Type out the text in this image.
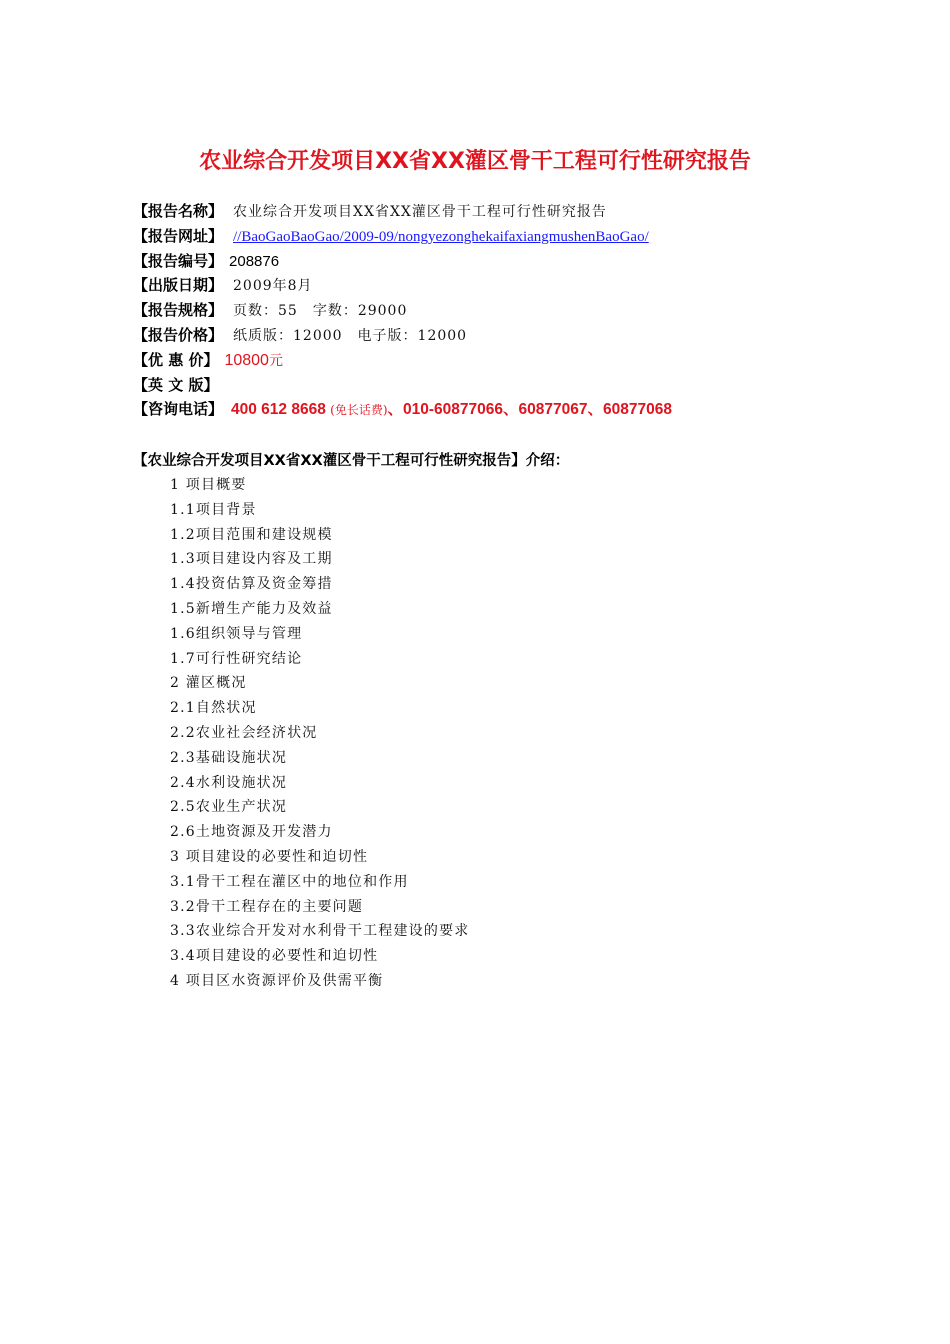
农业综合开发项目XX省XX灌区骨干工程可行性研究报告
【报告名称】 农业综合开发项目XX省XX灌区骨干工程可行性研究报告
【报告网址】 //BaoGaoBaoGao/2009-09/nongyezonghekaifaxiangmushenBaoGao/
【报告编号】 208876
【出版日期】 2009年8月
【报告规格】 页数：55　字数：29000
【报告价格】 纸质版：12000　电子版：12000
【优 惠 价】 10800元
【英 文 版】
【咨询电话】 400 612 8668 (免长话费)、010-60877066、60877067、60877068
【农业综合开发项目XX省XX灌区骨干工程可行性研究报告】介绍：
1 项目概要
1.1项目背景
1.2项目范围和建设规模
1.3项目建设内容及工期
1.4投资估算及资金筹措
1.5新增生产能力及效益
1.6组织领导与管理
1.7可行性研究结论
2 灌区概况
2.1自然状况
2.2农业社会经济状况
2.3基础设施状况
2.4水利设施状况
2.5农业生产状况
2.6土地资源及开发潜力
3 项目建设的必要性和迫切性
3.1骨干工程在灌区中的地位和作用
3.2骨干工程存在的主要问题
3.3农业综合开发对水利骨干工程建设的要求
3.4项目建设的必要性和迫切性
4 项目区水资源评价及供需平衡
